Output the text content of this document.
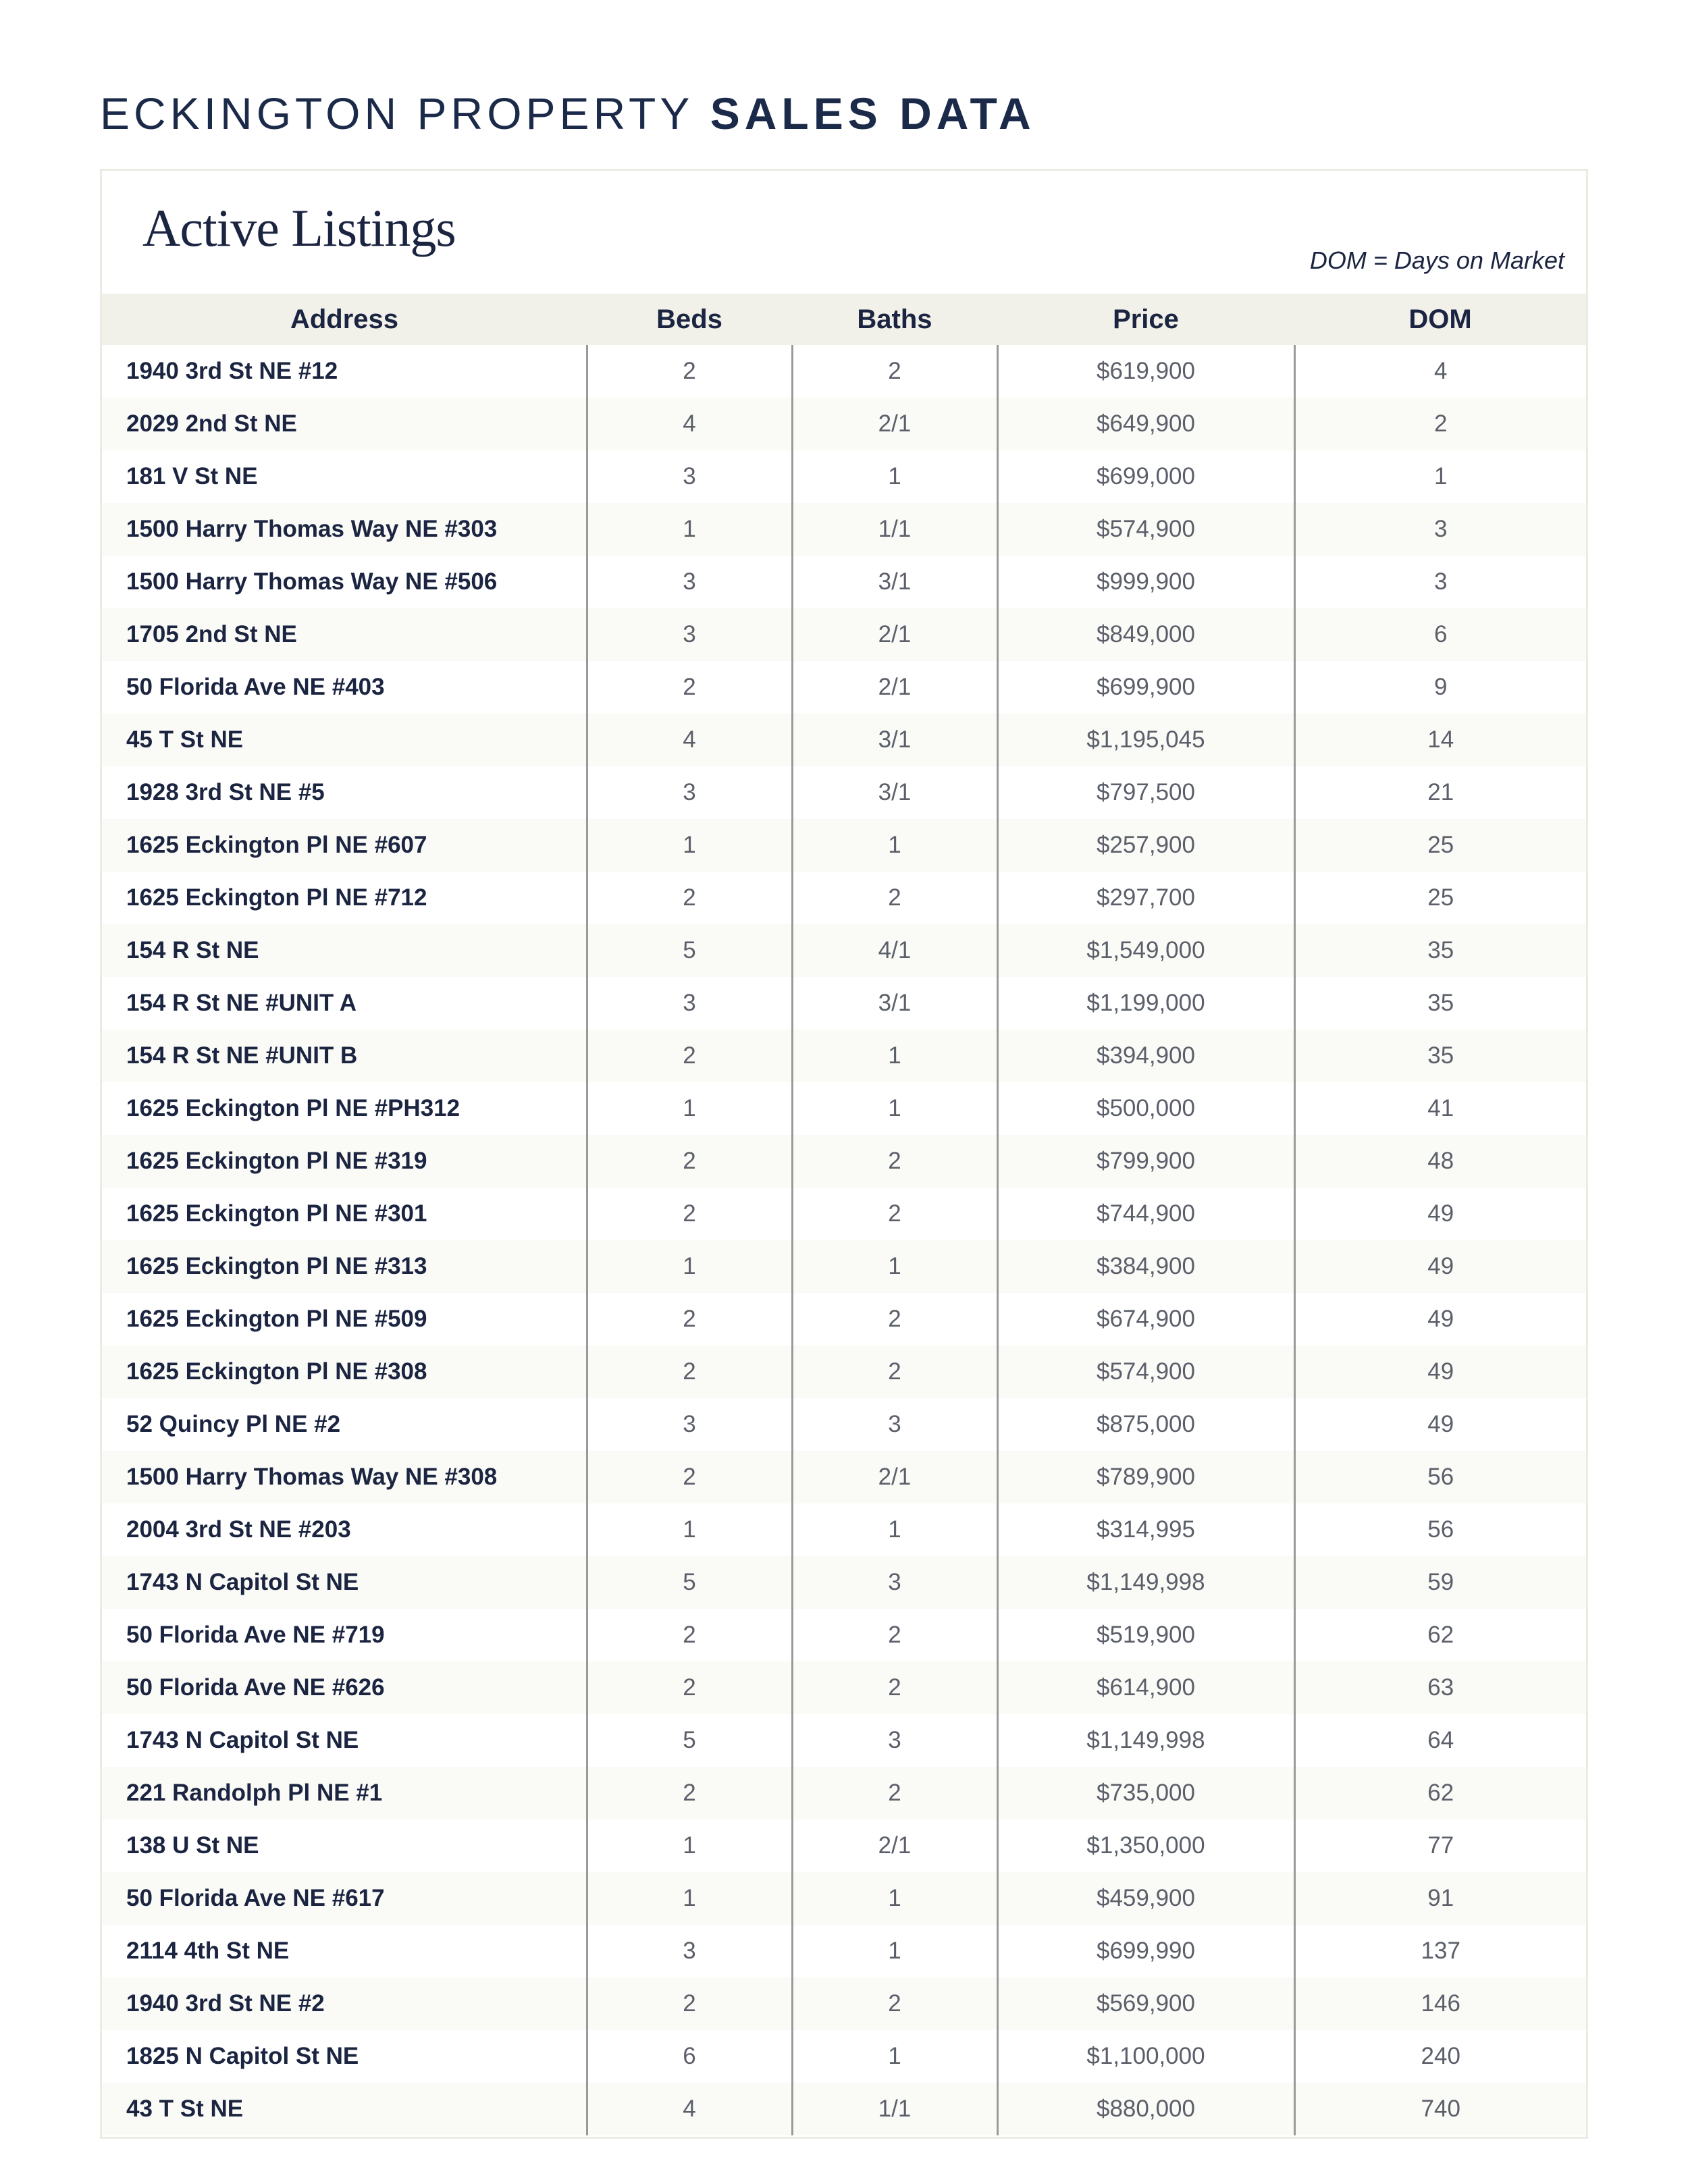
ECKINGTON PROPERTY SALES DATA
Active Listings
DOM = Days on Market
Address	Beds	Baths	Price	DOM
1940 3rd St NE #12	2	2	$619,900	4
2029 2nd St NE	4	2/1	$649,900	2
181 V St NE	3	1	$699,000	1
1500 Harry Thomas Way NE #303	1	1/1	$574,900	3
1500 Harry Thomas Way NE #506	3	3/1	$999,900	3
1705 2nd St NE	3	2/1	$849,000	6
50 Florida Ave NE #403	2	2/1	$699,900	9
45 T St NE	4	3/1	$1,195,045	14
1928 3rd St NE #5	3	3/1	$797,500	21
1625 Eckington Pl NE #607	1	1	$257,900	25
1625 Eckington Pl NE #712	2	2	$297,700	25
154 R St NE	5	4/1	$1,549,000	35
154 R St NE #UNIT A	3	3/1	$1,199,000	35
154 R St NE #UNIT B	2	1	$394,900	35
1625 Eckington Pl NE #PH312	1	1	$500,000	41
1625 Eckington Pl NE #319	2	2	$799,900	48
1625 Eckington Pl NE #301	2	2	$744,900	49
1625 Eckington Pl NE #313	1	1	$384,900	49
1625 Eckington Pl NE #509	2	2	$674,900	49
1625 Eckington Pl NE #308	2	2	$574,900	49
52 Quincy Pl NE #2	3	3	$875,000	49
1500 Harry Thomas Way NE #308	2	2/1	$789,900	56
2004 3rd St NE #203	1	1	$314,995	56
1743 N Capitol St NE	5	3	$1,149,998	59
50 Florida Ave NE #719	2	2	$519,900	62
50 Florida Ave NE #626	2	2	$614,900	63
1743 N Capitol St NE	5	3	$1,149,998	64
221 Randolph Pl NE #1	2	2	$735,000	62
138 U St NE	1	2/1	$1,350,000	77
50 Florida Ave NE #617	1	1	$459,900	91
2114 4th St NE	3	1	$699,990	137
1940 3rd St NE #2	2	2	$569,900	146
1825 N Capitol St NE	6	1	$1,100,000	240
43 T St NE	4	1/1	$880,000	740
